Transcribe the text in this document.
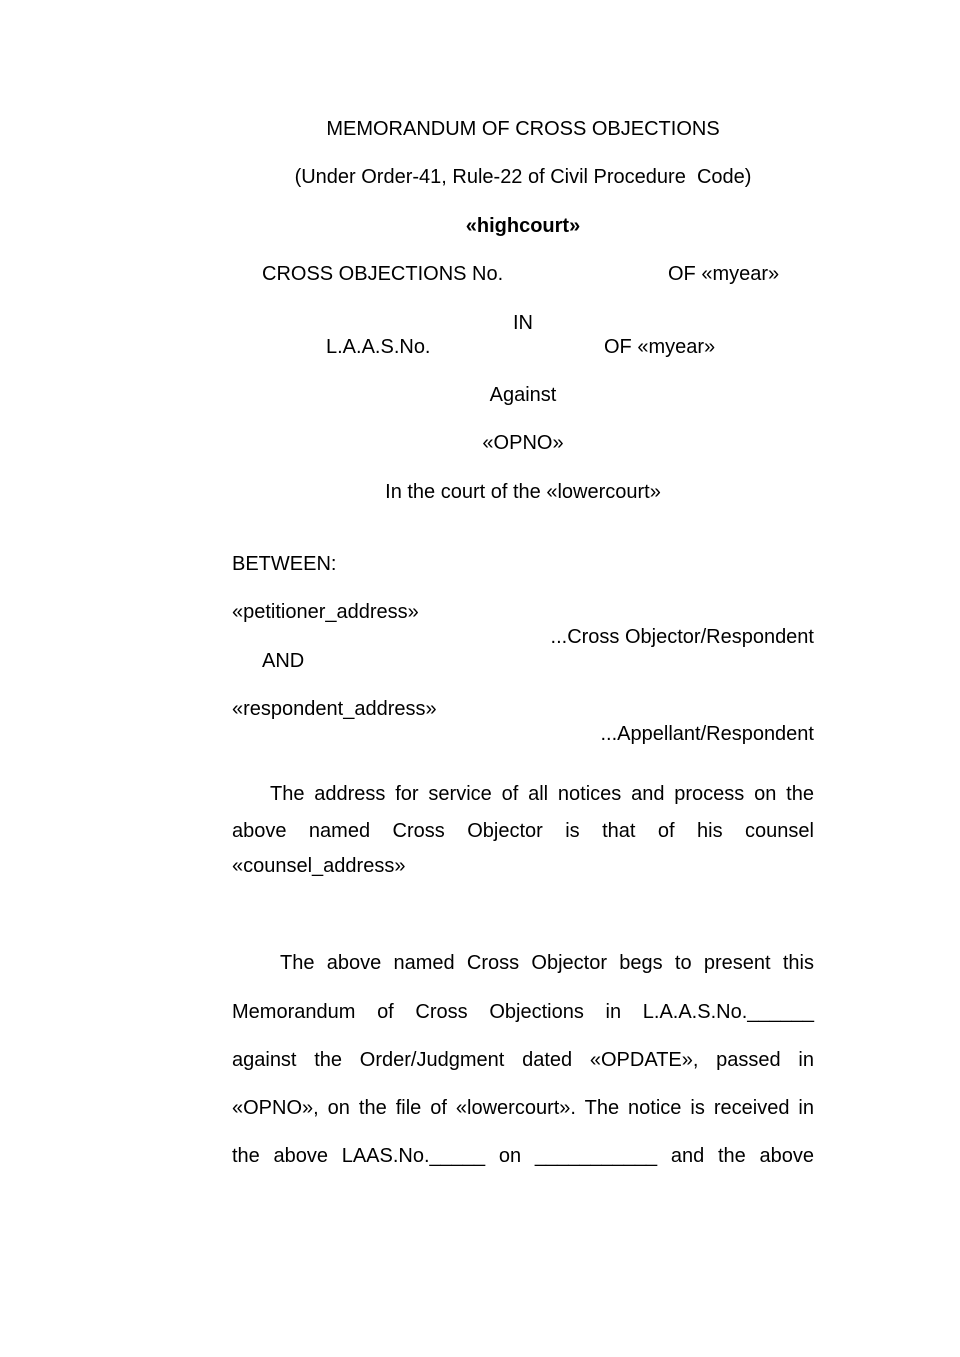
MEMORANDUM OF CROSS OBJECTIONS
(Under Order-41, Rule-22 of Civil Procedure  Code)
«highcourt»
CROSS OBJECTIONS No.	OF «myear»
IN
L.A.A.S.No.	OF «myear»
Against
«OPNO»
In the court of the «lowercourt»
BETWEEN:
«petitioner_address»
...Cross Objector/Respondent
AND
«respondent_address»
...Appellant/Respondent
The address for service of all notices and process on the
above named Cross Objector is that of his counsel
«counsel_address»
The above named Cross Objector begs to present this
Memorandum of Cross Objections in L.A.A.S.No.______
against the Order/Judgment dated «OPDATE», passed in
«OPNO», on the file of «lowercourt». The notice is received in
the above LAAS.No._____ on ___________ and the above
